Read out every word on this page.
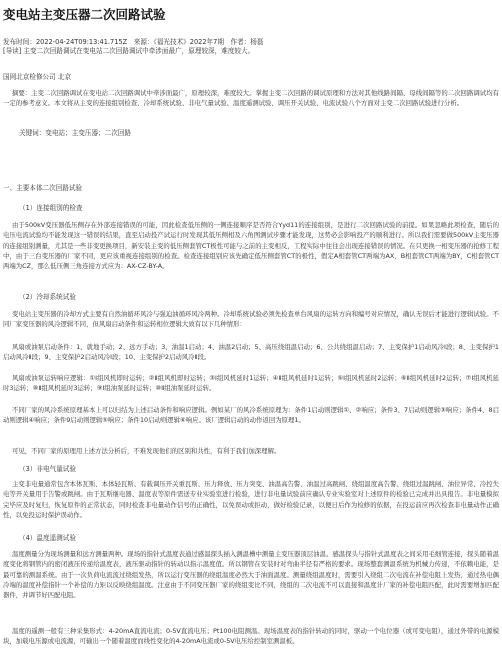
变电站主变压器二次回路试验
发布时间：2022-04-24T09:13:41.715Z　来源：《福光技术》2022年7期　作者：杨磊
[导读] 主变二次回路调试在变电站二次回路调试中牵涉面最广，原理较深，难度较大。
国网北京检修公司 北京
摘要：主变二次回路调试在变电站二次回路调试中牵涉面最广，原理较深，难度较大。掌握主变二次回路的调试原理和方法对其他线路间隔、母线间隔等的二次回路调试均有一定的参考意义。本文将从主变的连接组别检查、冷却系统试验、非电气量试验、温度遥测试验、调压开关试验、电流试验八个方面对主变二次回路试验进行分析。
关键词：变电站；主变压器；二次回路
一、主要本体二次回路试验
（1）连接组别的检查
由于500kV变压器低压侧存在外部连接错误的可能，因此检查低压侧的一侧连接顺序是否符合Yyd11的连接组别，是进行二次回路试验的前提。如果忽略此项检查，随后的电压电流试验均不能发现这一错误的结果，直至启动投产试运行时发现其低压侧相及六角图测试步骤才能发现，这势必会影响投产的顺利进行。所以我们需要做500kV主变压器的连接组别测量，尤其是一些非变更换项目，新安装主变的低压侧套管CT极性可能与之前的主变相反，工程实际中往往会出现连接错误的情况。在只更换一相变压器的抢修工程中，由于三台变压器的厂家不同，更应该重视连接组别的检查。检查连接组别应该先确定低压侧套管CT的极性，假定A相套管CT两端为AX，B相套管CT两端为BY，C相套管CT两端为CZ，那么低压侧三角连接方式应为：AX-CZ-BY-A。
（2）冷却系统试验
变电站主变压器的冷却方式主要有自然油循环风冷与强迫油循环风冷两种。冷却系统试验必须先检查单台风扇的运转方向和编号对应情况，确认无误后才能进行逻辑试验。不同厂家变压器的风冷逻辑不同，但风扇启动条件和运转相位逻辑大致有以下几种情形：
风扇或油泵启动条件：1、就地手动；2、远方手动；3、油温1启动；4、油温2启动；5、高压绕组温启动；6、公共绕组温启动；7、主变保护1启动风冷Ⅰ段；8、主变保护1启动风冷Ⅱ段；9、主变保护2启动风冷Ⅰ段；10、主变保护2启动风冷Ⅱ段。
风扇或油泵运转响应逻辑：①Ⅰ组风机即时运转；②Ⅱ组风机即时运转；③Ⅰ组风机延时1运转；④Ⅱ组风机延时1运转；⑤Ⅰ组风机延时2运转；⑥Ⅱ组风机延时2运转；⑦Ⅰ组风机延时3运转；⑧Ⅱ组风机延时3运转；⑨Ⅰ组油泵延时运转；⑩Ⅱ组油泵延时运转。
不同厂家的风冷系统原理基本上可以归结为上述启动条件和响应逻辑。例如某厂的风冷系统原理为：条件1启动则逻辑①、②响应；条件3、7启动则逻辑③响应；条件4、8启动则逻辑④响应；条件9启动则逻辑⑤响应；条件10启动则逻辑⑥响应。该厂逻辑启动的动作返回为原理1。
可见，不同厂家的原理用上述方法分析后，不难发现他们的区别和共性，有利于我们加深理解。
（3）非电气量试验
主变非电量通常包含本体瓦斯、本体轻瓦斯、有载调压开关重瓦斯、压力释放、压力突变、油温高告警、油温过高跳闸、绕组温度高告警、绕组过温跳闸、油位异常、冷控失电等开关量用于告警或跳闸。由于瓦斯继电器、温度表等原件需送专业实验室进行检验，进行非电量试验前应确认专业实验室对上述原件的检验已完成并出具报告。非电量模拟完毕应及时复归，恢复原件的正常状态，同时检查非电量动作信号的正确性，以免误动或拒动，做好检验记录，以便日后作为检修的依据，在投运前应再次检查非电量动作正确性，以免投运时保护误动作。
（4）温度遥测试验
温度测量分为现场测量和远方测量两种。现场的指针式温度表通过感温探头插入测温槽中测量主变压器顶层油温。感温探头与指针式温度表之间采用毛细管连接，探头随着温度变化将钢管内的密闭液压传递给温度表，液压驱动指针的转动以指示温度值。所以钢管在安装时对弯曲半径有严格的要求。现场整套测温系统为机械力传递，不依赖电能，是最可靠的测温系统。由于一次负荷电流流过绕组发热，所以运行变压器的绕组温度必然大于油面温度。测量绕组温度时，需要引入绕组二次电流在补偿电阻上发热，通过热电偶冷端的温度补偿指针一个补偿的力矩以反映绕组温度。注意由于不同变压器厂家的绕组变比不同，绕组的二次电流不可以直接和温度计厂家的补偿电阻匹配，此时需要增加匹配器件，并调节好匹配电阻。
温度的遥测一般有三种采集形式：4-20mA直流电流；0-5V直流电压；Pt100电阻测温。现场温度表的指针转动的同时，驱动一个电位器（或可变电阻），通过外带的电源模块，加载电压源或电流源，可输出一个随着温度而线性变化的4-20mA电流或0-5V电压给控制室测温板。
